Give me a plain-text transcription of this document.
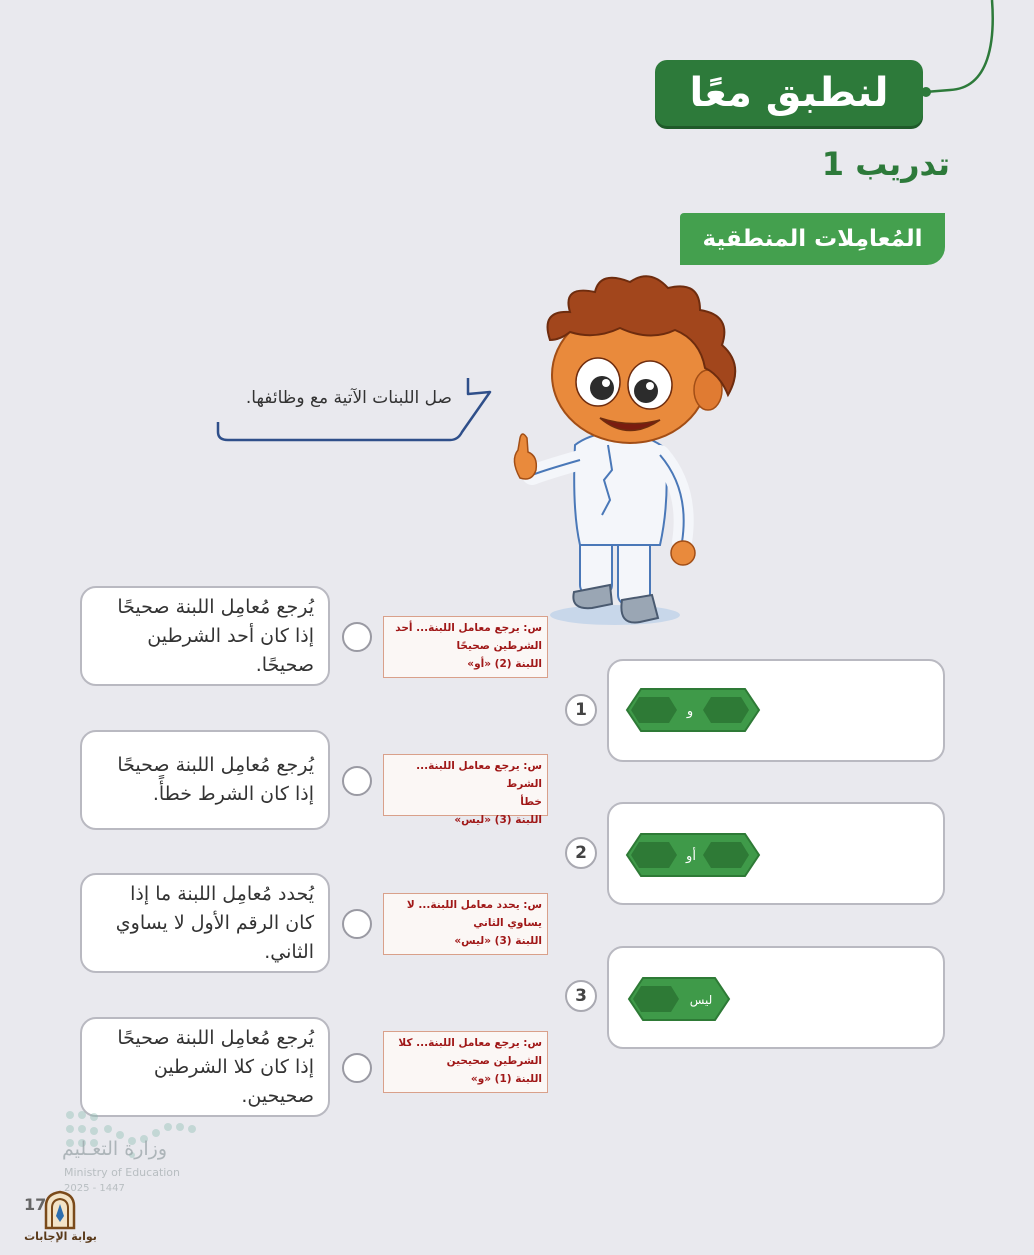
لنطبق معًا
تدريب 1
المُعامِلات المنطقية
صل اللبنات الآتية مع وظائفها.
يُرجع مُعامِل اللبنة صحيحًا إذا كان أحد الشرطين صحيحًا.
يُرجع مُعامِل اللبنة صحيحًا إذا كان الشرط خطأً.
يُحدد مُعامِل اللبنة ما إذا كان الرقم الأول لا يساوي الثاني.
يُرجع مُعامِل اللبنة صحيحًا إذا كان كلا الشرطين صحيحين.
س: يرجع معامل اللبنة... أحد
الشرطين صحيحًا
اللبنة (2) «أو»
س: يرجع معامل اللبنة... الشرط
خطأ
اللبنة (3) «ليس»
س: يحدد معامل اللبنة... لا
يساوي الثاني
اللبنة (3) «ليس»
س: يرجع معامل اللبنة... كلا
الشرطين صحيحين
اللبنة (1) «و»
1
2
3
و
أو
ليس
وزارة التعـليم
Ministry of Education
2025 - 1447
17
بوابة الإجابات
